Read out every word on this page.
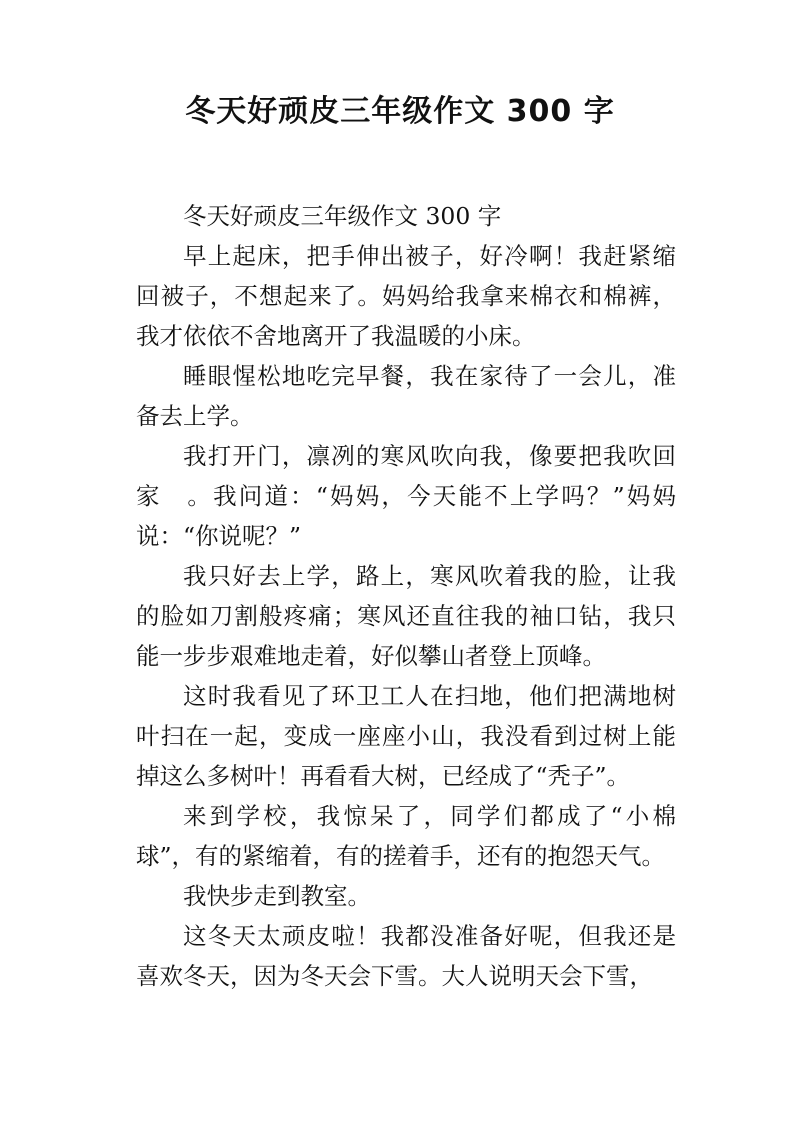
冬天好顽皮三年级作文 300 字

冬天好顽皮三年级作文 300 字

早上起床，把手伸出被子，好冷啊！我赶紧缩回被子，不想起来了。妈妈给我拿来棉衣和棉裤，我才依依不舍地离开了我温暖的小床。

睡眼惺松地吃完早餐，我在家待了一会儿，准备去上学。

我打开门，凛冽的寒风吹向我，像要把我吹回家　。我问道：“妈妈，今天能不上学吗？”妈妈说：“你说呢？”

我只好去上学，路上，寒风吹着我的脸，让我的脸如刀割般疼痛；寒风还直往我的袖口钻，我只能一步步艰难地走着，好似攀山者登上顶峰。

这时我看见了环卫工人在扫地，他们把满地树叶扫在一起，变成一座座小山，我没看到过树上能掉这么多树叶！再看看大树，已经成了“秃子”。

来到学校，我惊呆了，同学们都成了“小棉球”，有的紧缩着，有的搓着手，还有的抱怨天气。

我快步走到教室。

这冬天太顽皮啦！我都没准备好呢，但我还是喜欢冬天，因为冬天会下雪。大人说明天会下雪，
